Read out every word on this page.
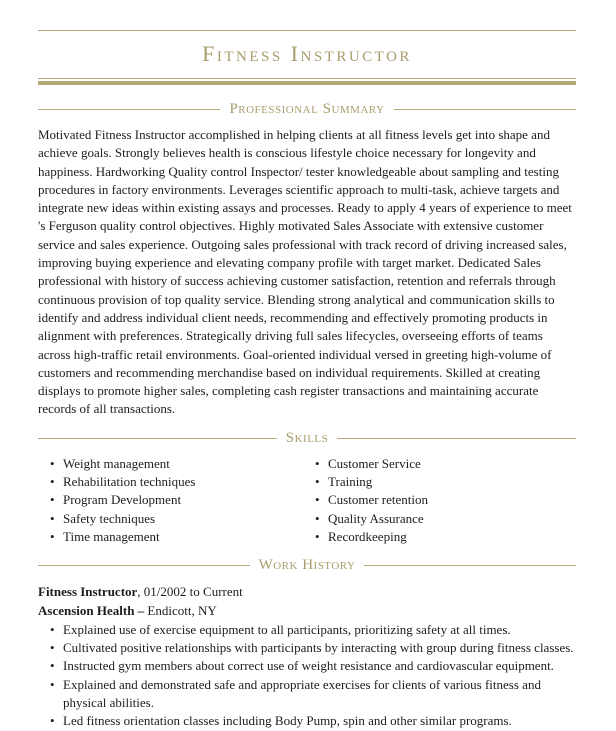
Fitness Instructor
Professional Summary

Motivated Fitness Instructor accomplished in helping clients at all fitness levels get into shape and achieve goals. Strongly believes health is conscious lifestyle choice necessary for longevity and happiness. Hardworking Quality control Inspector/ tester knowledgeable about sampling and testing procedures in factory environments. Leverages scientific approach to multi-task, achieve targets and integrate new ideas within existing assays and processes. Ready to apply 4 years of experience to meet 's Ferguson quality control objectives. Highly motivated Sales Associate with extensive customer service and sales experience. Outgoing sales professional with track record of driving increased sales, improving buying experience and elevating company profile with target market. Dedicated Sales professional with history of success achieving customer satisfaction, retention and referrals through continuous provision of top quality service. Blending strong analytical and communication skills to identify and address individual client needs, recommending and effectively promoting products in alignment with preferences. Strategically driving full sales lifecycles, overseeing efforts of teams across high-traffic retail environments. Goal-oriented individual versed in greeting high-volume of customers and recommending merchandise based on individual requirements. Skilled at creating displays to promote higher sales, completing cash register transactions and maintaining accurate records of all transactions.

Skills
• Weight management
• Rehabilitation techniques
• Program Development
• Safety techniques
• Time management
• Customer Service
• Training
• Customer retention
• Quality Assurance
• Recordkeeping
Work History
Fitness Instructor, 01/2002 to Current
Ascension Health – Endicott, NY
• Explained use of exercise equipment to all participants, prioritizing safety at all times.
• Cultivated positive relationships with participants by interacting with group during fitness classes.
• Instructed gym members about correct use of weight resistance and cardiovascular equipment.
• Explained and demonstrated safe and appropriate exercises for clients of various fitness and physical abilities.
• Led fitness orientation classes including Body Pump, spin and other similar programs.
